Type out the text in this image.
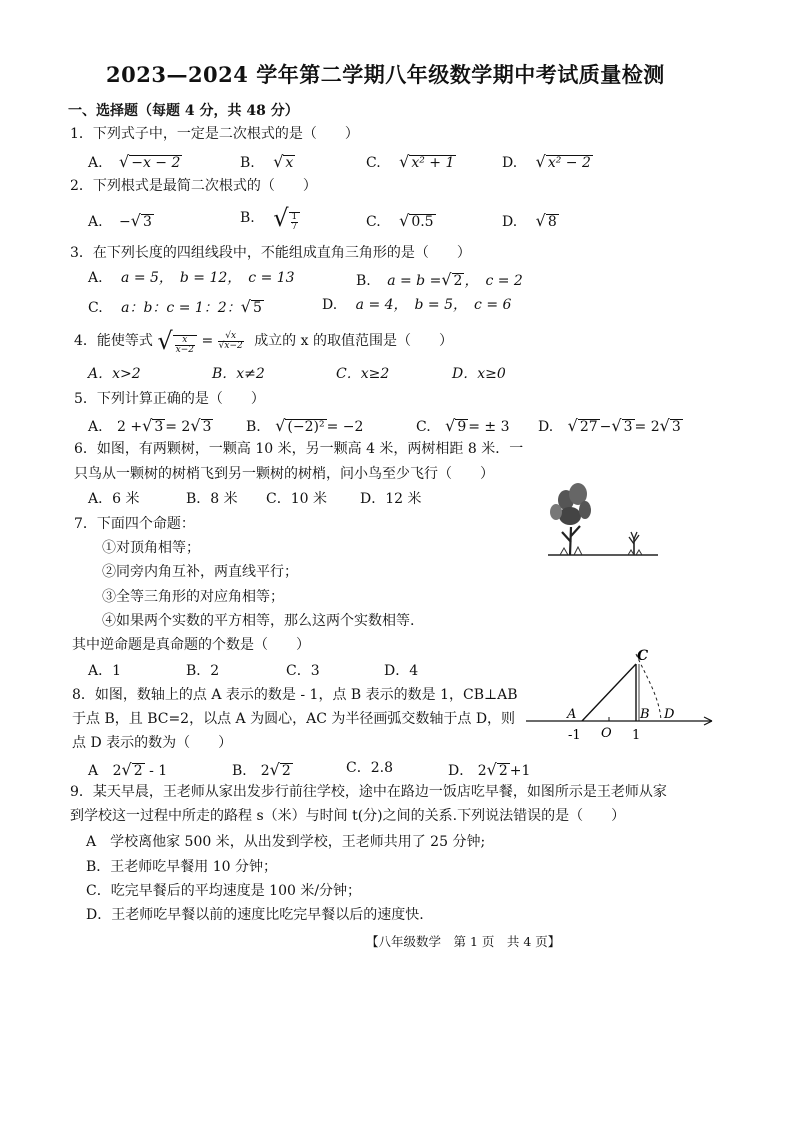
2023—2024 学年第二学期八年级数学期中考试质量检测
一、选择题（每题 4 分，共 48 分）
1．下列式子中，一定是二次根式的是（　　）
A. √ −x − 2	B. √ x	C. √ x² + 1	D. √ x² − 2
2．下列根式是最简二次根式的（　　）
A. −√ 3	B. √ $\frac{1}{7}$	C. √ 0.5	D. √ 8
3．在下列长度的四组线段中，不能组成直角三角形的是（　　）
A. a = 5，　b = 12，　c = 13	B. a = b =√ 2 ，　c = 2
C. a：b：c = 1：2：√ 5	D. a = 4，　b = 5，　c = 6
4．能使等式 √ $\frac{x}{x-2} = \frac{√x}{√x-2}$ 成立的 x 的取值范围是（　　）
A．x>2	B．x≠2	C．x≥2	D．x≥0
5．下列计算正确的是（　　）
A. 2 +√ 3 = 2√ 3 B. √ (−2)² = −2	C. √ 9 = ± 3 D. √ 27 −√ 3 = 2√ 3
6．如图，有两颗树，一颗高 10 米，另一颗高 4 米，两树相距 8 米．一
只鸟从一颗树的树梢飞到另一颗树的树梢，问小鸟至少飞行（　　）
A．6 米	B．8 米 C．10 米 D．12 米
7．下面四个命题：
①对顶角相等；
②同旁内角互补，两直线平行；
③全等三角形的对应角相等；
④如果两个实数的平方相等，那么这两个实数相等.
其中逆命题是真命题的个数是（　　）
A．1	B．2	C．3	D．4
8．如图，数轴上的点 A 表示的数是 - 1，点 B 表示的数是 1，CB⊥AB
于点 B，且 BC=2，以点 A 为圆心，AC 为半径画弧交数轴于点 D，则
点 D 表示的数为（　　）
A 2√ 2 - 1	B． 2√ 2	C．2.8	D． 2√ 2 +1
C
A	B D
O
-1	1
9．某天早晨，王老师从家出发步行前往学校，途中在路边一饭店吃早餐，如图所示是王老师从家
到学校这一过程中所走的路程 s（米）与时间 t(分)之间的关系.下列说法错误的是（　　）
A　学校离他家 500 米，从出发到学校，王老师共用了 25 分钟;
B．王老师吃早餐用 10 分钟；
C．吃完早餐后的平均速度是 100 米/分钟；
D．王老师吃早餐以前的速度比吃完早餐以后的速度快.
【八年级数学　第 1 页　共 4 页】
